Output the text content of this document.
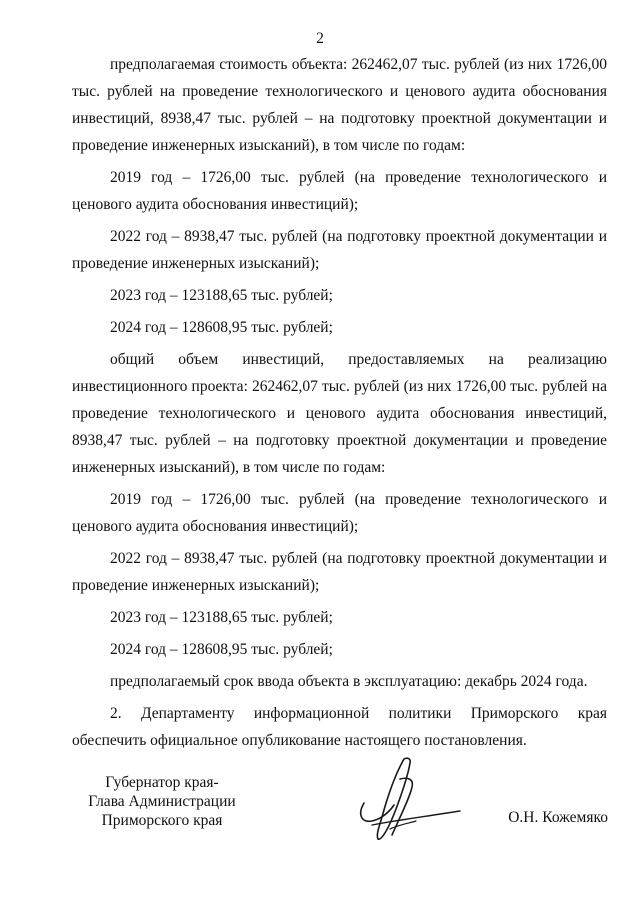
2

предполагаемая стоимость объекта: 262462,07 тыс. рублей (из них 1726,00 тыс. рублей на проведение технологического и ценового аудита обоснования инвестиций, 8938,47 тыс. рублей – на подготовку проектной документации и проведение инженерных изысканий), в том числе по годам:

2019 год – 1726,00 тыс. рублей (на проведение технологического и ценового аудита обоснования инвестиций);

2022 год – 8938,47 тыс. рублей (на подготовку проектной документации и проведение инженерных изысканий);

2023 год – 123188,65 тыс. рублей;

2024 год – 128608,95 тыс. рублей;

общий объем инвестиций, предоставляемых на реализацию инвестиционного проекта: 262462,07 тыс. рублей (из них 1726,00 тыс. рублей на проведение технологического и ценового аудита обоснования инвестиций, 8938,47 тыс. рублей – на подготовку проектной документации и проведение инженерных изысканий), в том числе по годам:

2019 год – 1726,00 тыс. рублей (на проведение технологического и ценового аудита обоснования инвестиций);

2022 год – 8938,47 тыс. рублей (на подготовку проектной документации и проведение инженерных изысканий);

2023 год – 123188,65 тыс. рублей;

2024 год – 128608,95 тыс. рублей;

предполагаемый срок ввода объекта в эксплуатацию: декабрь 2024 года.

2. Департаменту информационной политики Приморского края обеспечить официальное опубликование настоящего постановления.

Губернатор края-
Глава Администрации
Приморского края	О.Н. Кожемяко
